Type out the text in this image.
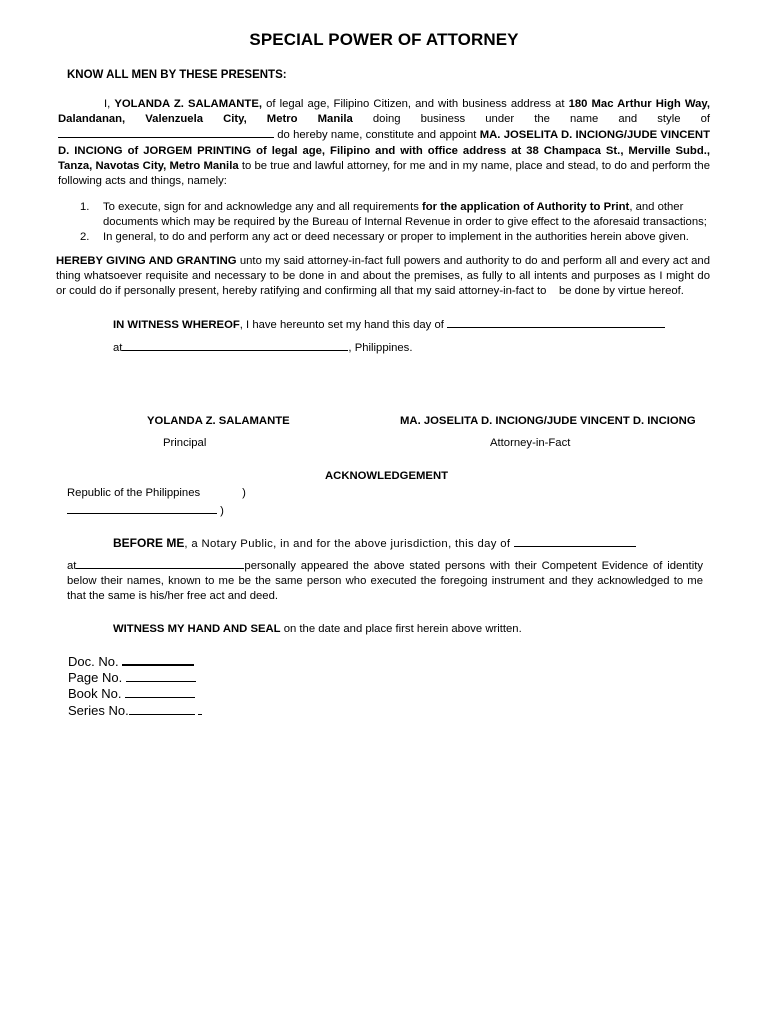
SPECIAL POWER OF ATTORNEY
KNOW ALL MEN BY THESE PRESENTS:
I, YOLANDA Z. SALAMANTE, of legal age, Filipino Citizen, and with business address at 180 Mac Arthur High Way, Dalandanan, Valenzuela City, Metro Manila doing business under the name and style of do hereby name, constitute and appoint MA. JOSELITA D. INCIONG/JUDE VINCENT D. INCIONG of JORGEM PRINTING of legal age, Filipino and with office address at 38 Champaca St., Merville Subd., Tanza, Navotas City, Metro Manila to be true and lawful attorney, for me and in my name, place and stead, to do and perform the following acts and things, namely:
1. To execute, sign for and acknowledge any and all requirements for the application of Authority to Print, and other documents which may be required by the Bureau of Internal Revenue in order to give effect to the aforesaid transactions;
2. In general, to do and perform any act or deed necessary or proper to implement in the authorities herein above given.
HEREBY GIVING AND GRANTING unto my said attorney-in-fact full powers and authority to do and perform all and every act and thing whatsoever requisite and necessary to be done in and about the premises, as fully to all intents and purposes as I might do or could do if personally present, hereby ratifying and confirming all that my said attorney-in-fact to    be done by virtue hereof.
IN WITNESS WHEREOF, I have hereunto set my hand this day of
at	, Philippines.
YOLANDA Z. SALAMANTE
Principal
MA. JOSELITA D. INCIONG/JUDE VINCENT D. INCIONG
Attorney-in-Fact
ACKNOWLEDGEMENT
Republic of the Philippines	)
)
BEFORE ME, a Notary Public, in and for the above jurisdiction, this day of
at	personally appeared the above stated persons with their Competent Evidence of identity below their names, known to me be the same person who executed the foregoing instrument and they acknowledged to me that the same is his/her free act and deed.
WITNESS MY HAND AND SEAL on the date and place first herein above written.
Doc. No.
Page No.
Book No.
Series No.
